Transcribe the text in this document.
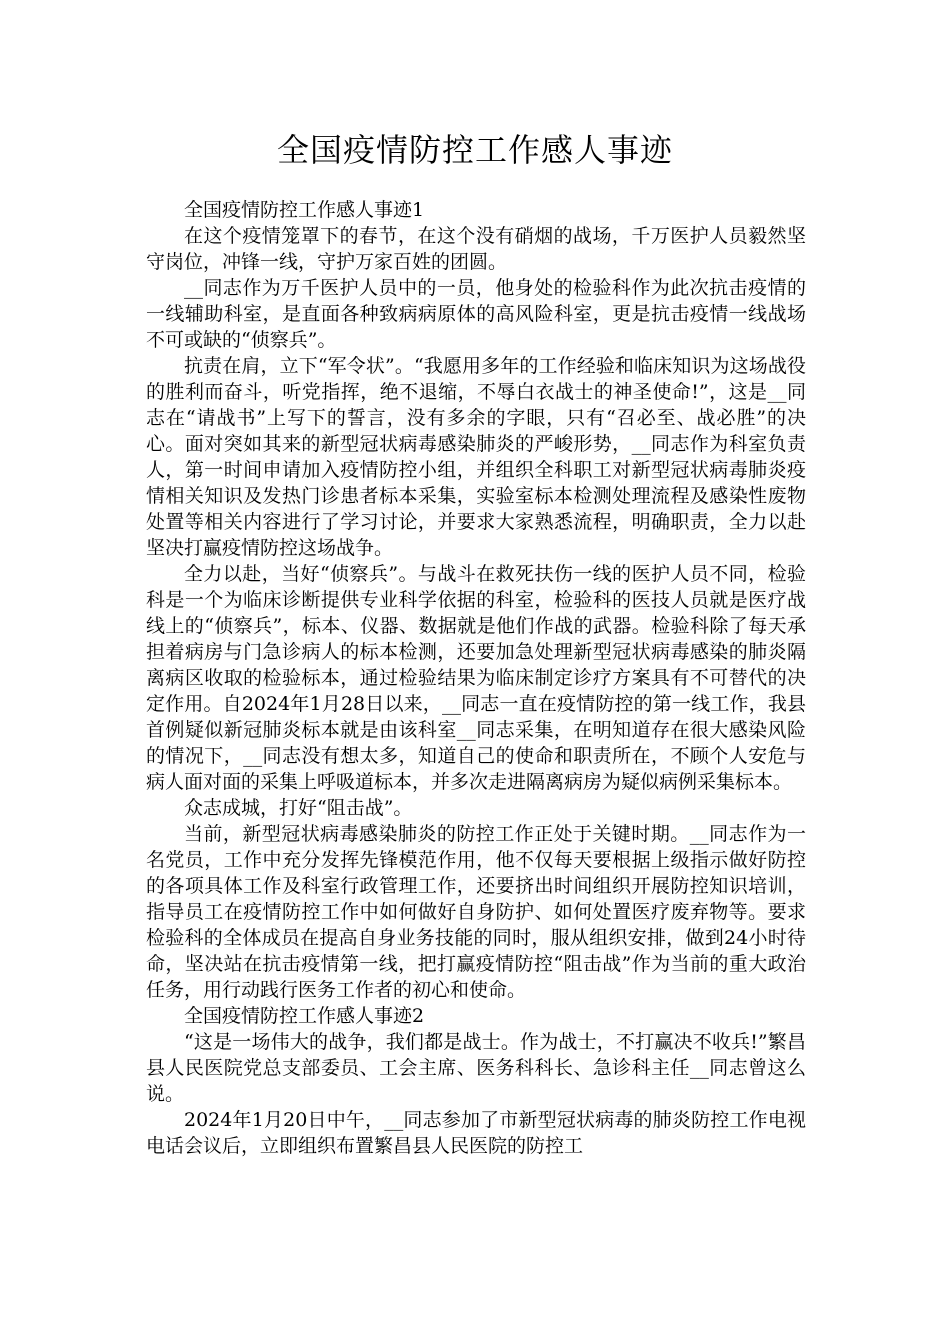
全国疫情防控工作感人事迹

全国疫情防控工作感人事迹1

在这个疫情笼罩下的春节，在这个没有硝烟的战场，千万医护人员毅然坚守岗位，冲锋一线，守护万家百姓的团圆。

__同志作为万千医护人员中的一员，他身处的检验科作为此次抗击疫情的一线辅助科室，是直面各种致病病原体的高风险科室，更是抗击疫情一线战场不可或缺的“侦察兵”。

抗责在肩，立下“军令状”。“我愿用多年的工作经验和临床知识为这场战役的胜利而奋斗，听党指挥，绝不退缩，不辱白衣战士的神圣使命!”，这是__同志在“请战书”上写下的誓言，没有多余的字眼，只有“召必至、战必胜”的决心。面对突如其来的新型冠状病毒感染肺炎的严峻形势，__同志作为科室负责人，第一时间申请加入疫情防控小组，并组织全科职工对新型冠状病毒肺炎疫情相关知识及发热门诊患者标本采集，实验室标本检测处理流程及感染性废物处置等相关内容进行了学习讨论，并要求大家熟悉流程，明确职责，全力以赴坚决打赢疫情防控这场战争。

全力以赴，当好“侦察兵”。与战斗在救死扶伤一线的医护人员不同，检验科是一个为临床诊断提供专业科学依据的科室，检验科的医技人员就是医疗战线上的“侦察兵”，标本、仪器、数据就是他们作战的武器。检验科除了每天承担着病房与门急诊病人的标本检测，还要加急处理新型冠状病毒感染的肺炎隔离病区收取的检验标本，通过检验结果为临床制定诊疗方案具有不可替代的决定作用。自2024年1月28日以来，__同志一直在疫情防控的第一线工作，我县首例疑似新冠肺炎标本就是由该科室__同志采集，在明知道存在很大感染风险的情况下，__同志没有想太多，知道自己的使命和职责所在，不顾个人安危与病人面对面的采集上呼吸道标本，并多次走进隔离病房为疑似病例采集标本。

众志成城，打好“阻击战”。

当前，新型冠状病毒感染肺炎的防控工作正处于关键时期。__同志作为一名党员，工作中充分发挥先锋模范作用，他不仅每天要根据上级指示做好防控的各项具体工作及科室行政管理工作，还要挤出时间组织开展防控知识培训，指导员工在疫情防控工作中如何做好自身防护、如何处置医疗废弃物等。要求检验科的全体成员在提高自身业务技能的同时，服从组织安排，做到24小时待命，坚决站在抗击疫情第一线，把打赢疫情防控“阻击战”作为当前的重大政治任务，用行动践行医务工作者的初心和使命。

全国疫情防控工作感人事迹2

“这是一场伟大的战争，我们都是战士。作为战士，不打赢决不收兵!”繁昌县人民医院党总支部委员、工会主席、医务科科长、急诊科主任__同志曾这么说。

2024年1月20日中午，__同志参加了市新型冠状病毒的肺炎防控工作电视电话会议后，立即组织布置繁昌县人民医院的防控工
